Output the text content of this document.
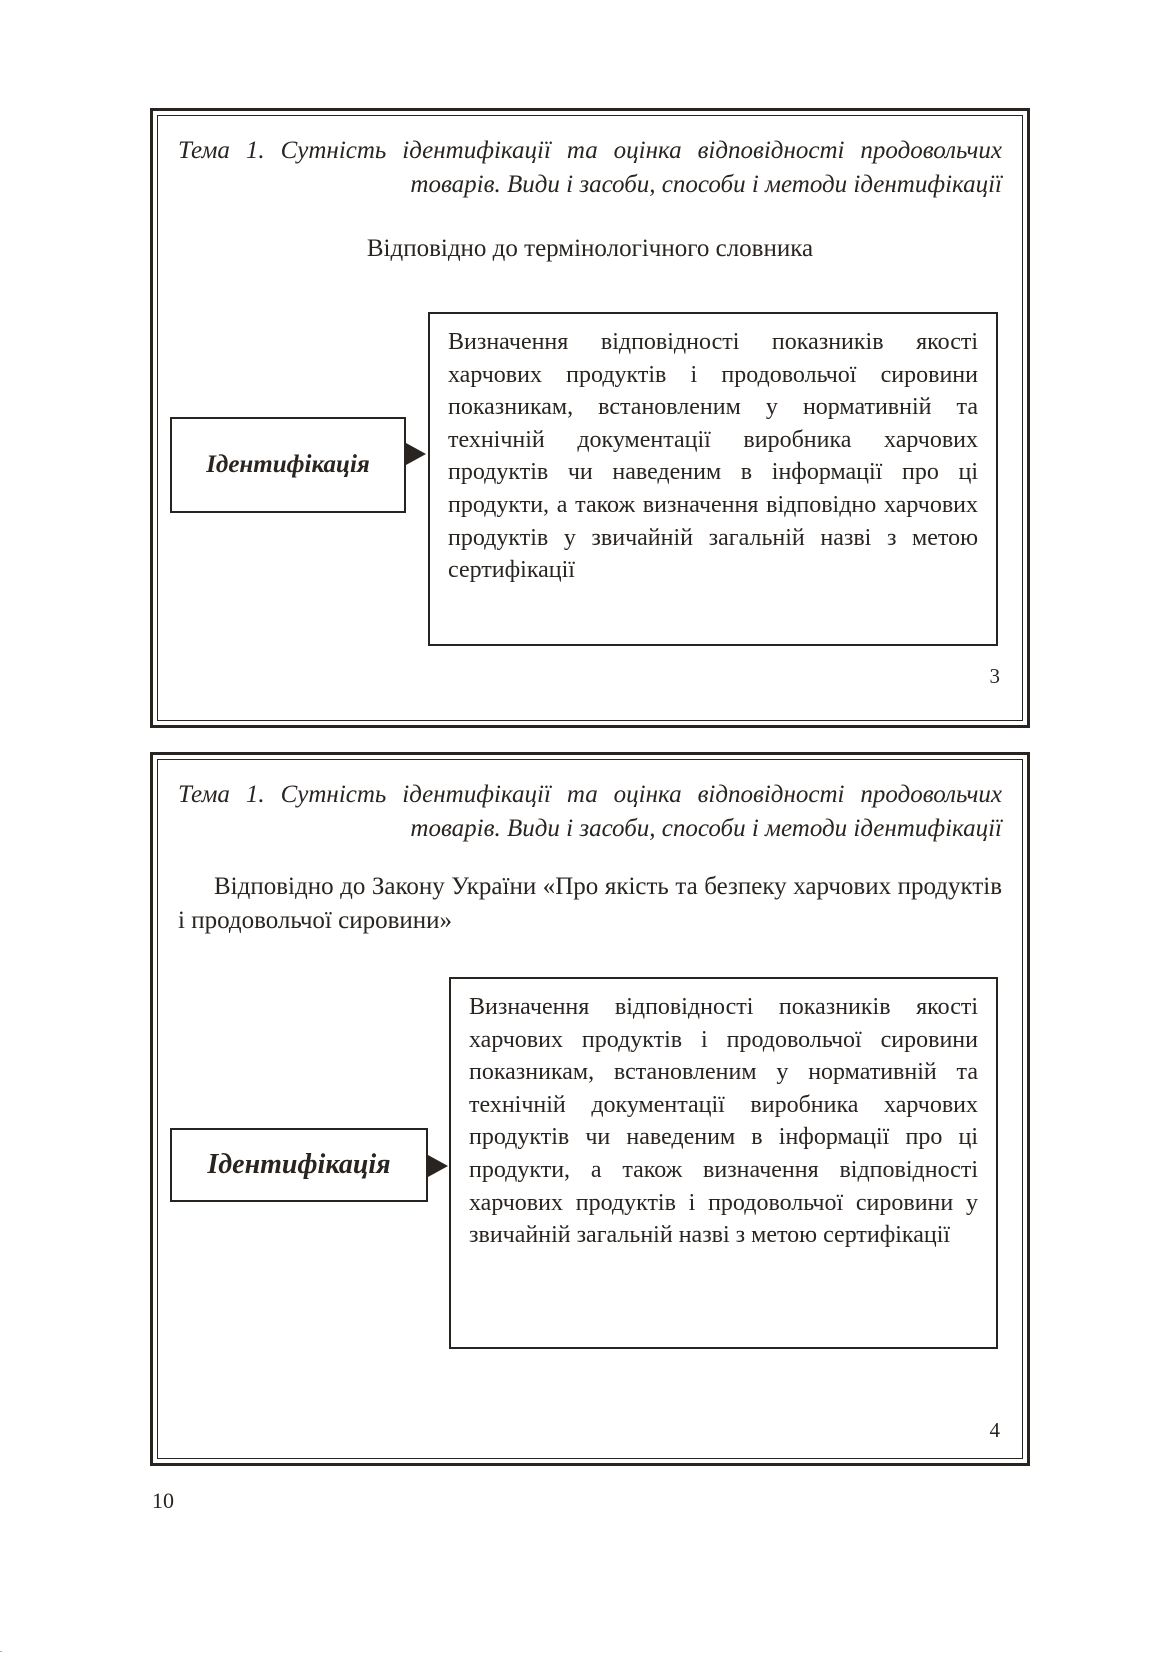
Тема 1. Сутність ідентифікації та оцінка відповідності продовольчих товарів. Види і засоби, способи і методи ідентифікації

Відповідно до термінологічного словника

Ідентифікація
Визначення відповідності показників якості харчових продуктів і продовольчої сировини показникам, встановленим у нормативній та технічній документації виробника харчових продуктів чи наведеним в інформації про ці продукти, а також визначення відповідно харчових продуктів у звичайній загальній назві з метою сертифікації

3

Тема 1. Сутність ідентифікації та оцінка відповідності продовольчих товарів. Види і засоби, способи і методи ідентифікації

Відповідно до Закону України «Про якість та безпеку харчових продуктів і продовольчої сировини»

Ідентифікація
Визначення відповідності показників якості харчових продуктів і продовольчої сировини показникам, встановленим у нормативній та технічній документації виробника харчових продуктів чи наведеним в інформації про ці продукти, а також визначення відповідності харчових продуктів і продовольчої сировини у звичайній загальній назві з метою сертифікації

4

10

.
